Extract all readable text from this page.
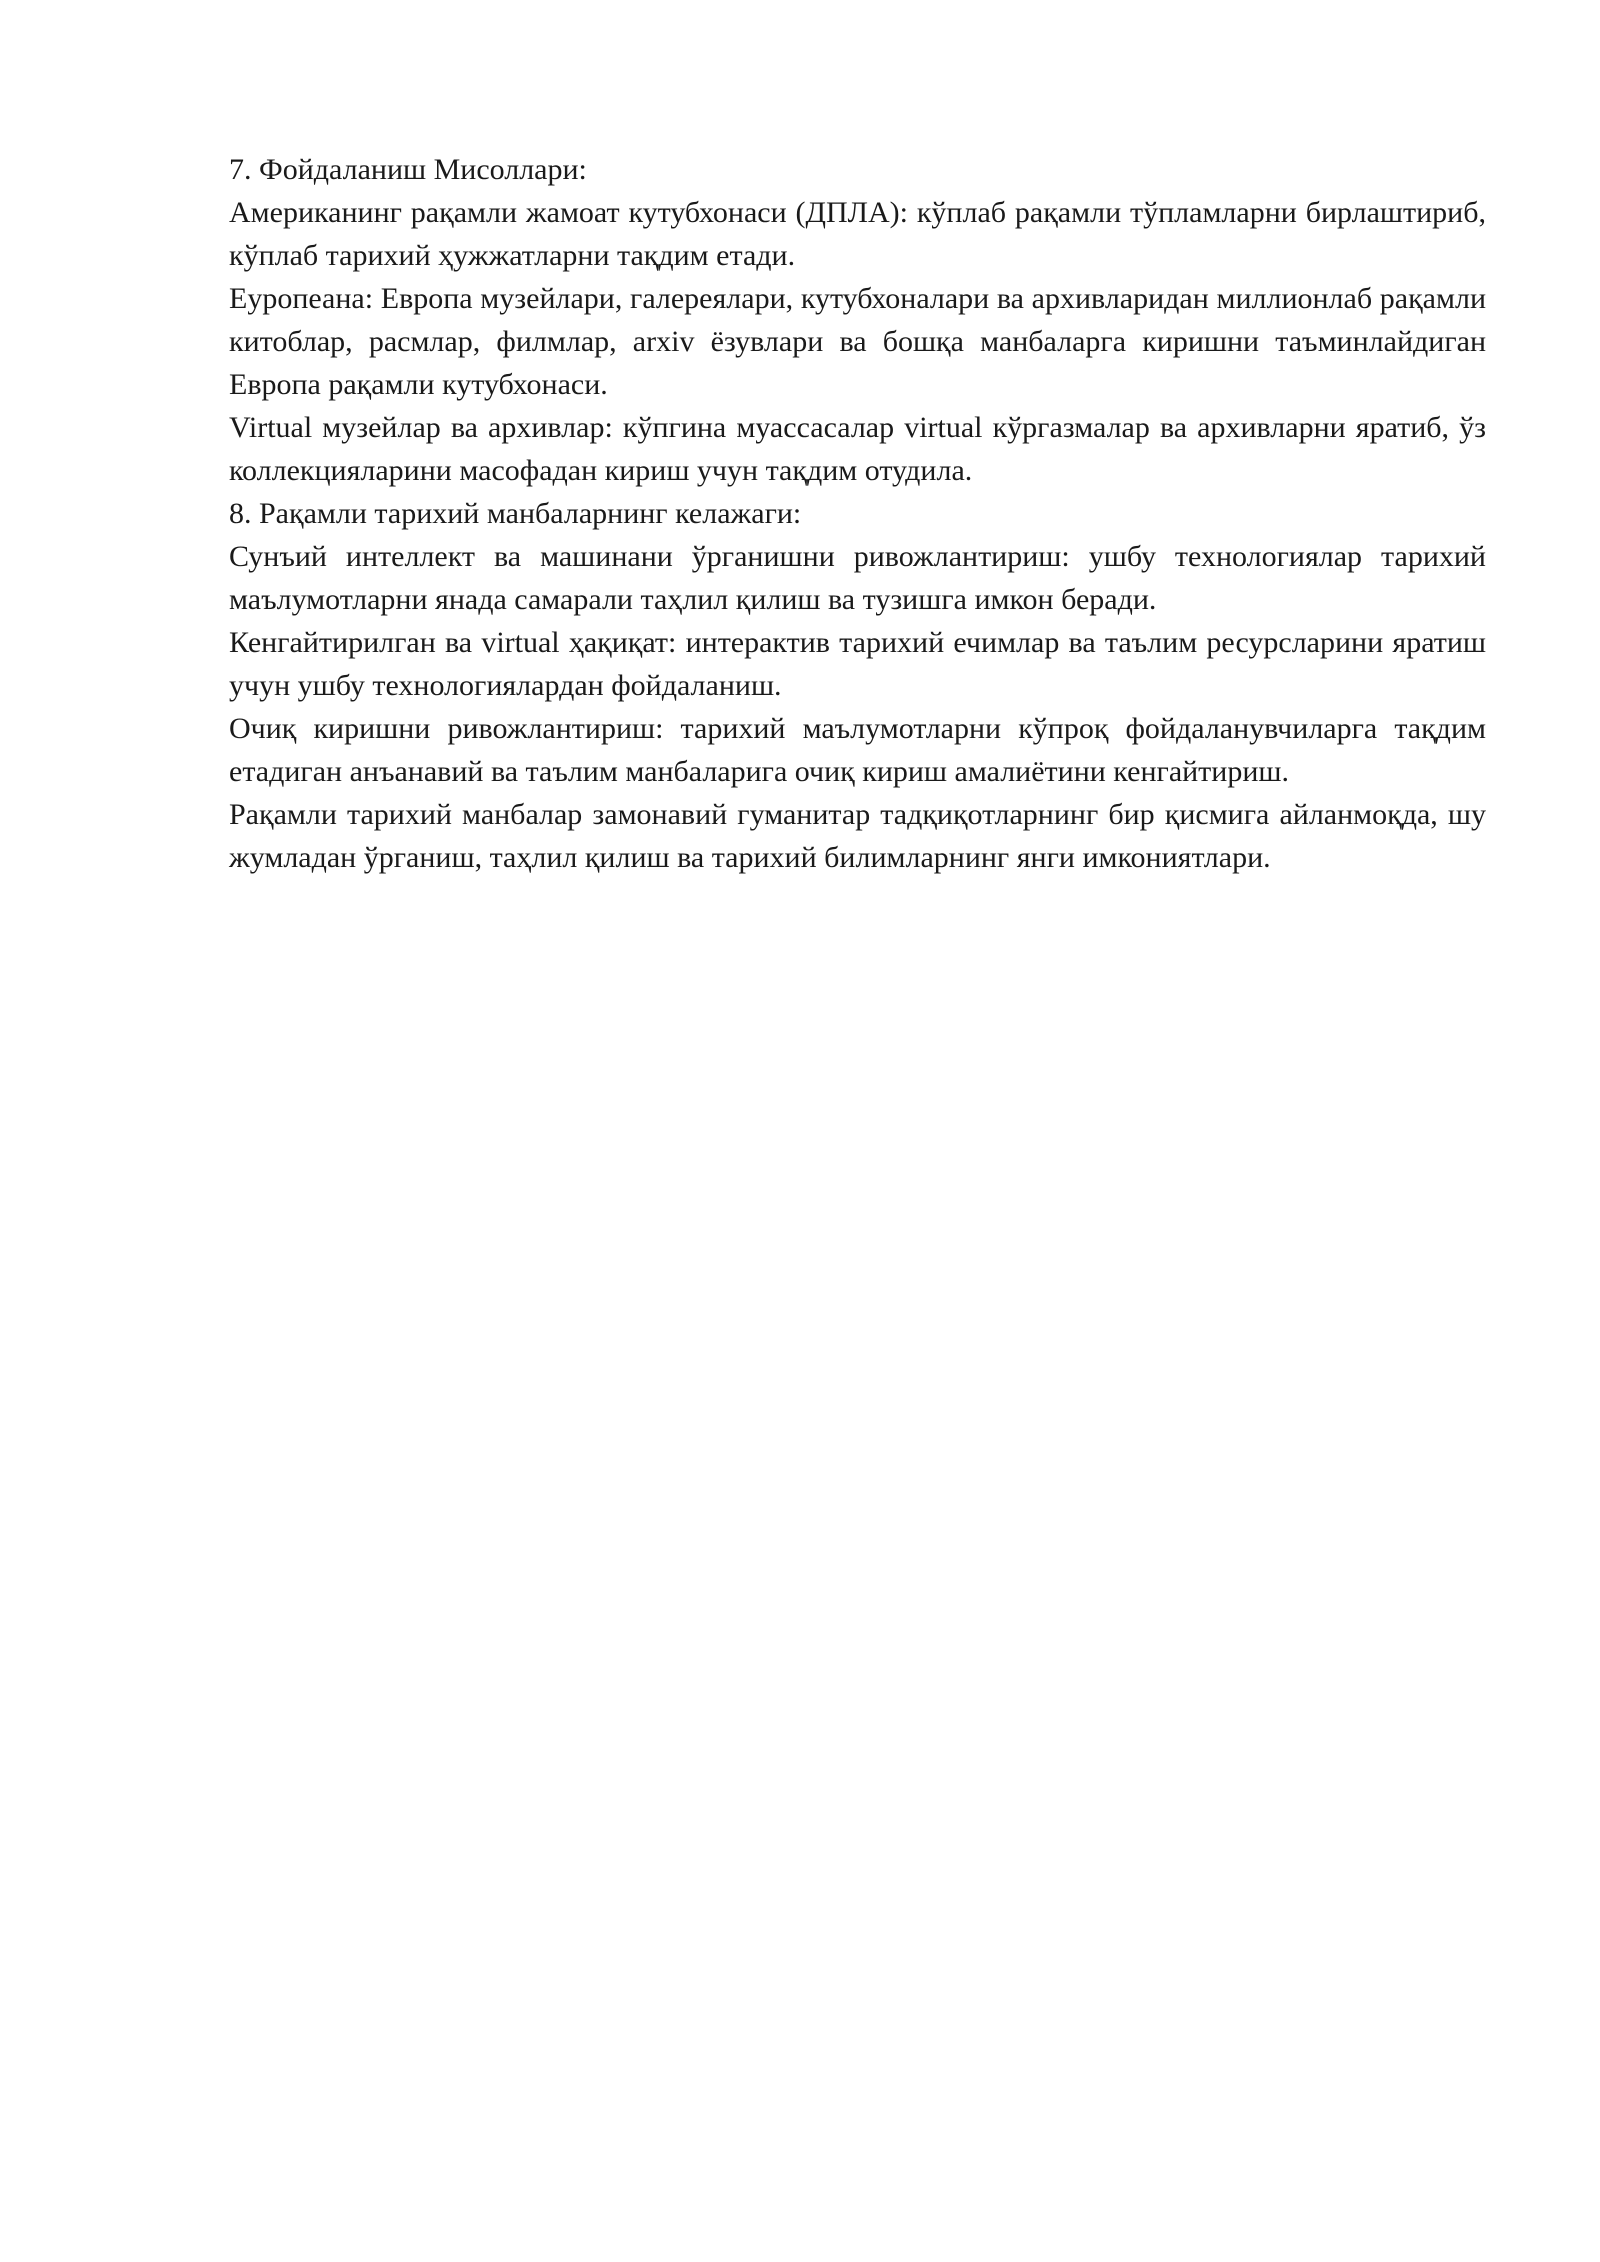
7. Фойдаланиш Мисоллари:

Американинг рақамли жамоат кутубхонаси (ДПЛА): кўплаб рақамли тўпламларни бирлаштириб, кўплаб тарихий ҳужжатларни тақдим етади.

Еуропеана: Европа музейлари, галереялари, кутубхоналари ва архивларидан миллионлаб рақамли китоблар, расмлар, филмлар, arxiv ёзувлари ва бошқа манбаларга киришни таъминлайдиган Европа рақамли кутубхонаси.

Virtual музейлар ва архивлар: кўпгина муассасалар virtual кўргазмалар ва архивларни яратиб, ўз коллекцияларини масофадан кириш учун тақдим отудила.

8. Рақамли тарихий манбаларнинг келажаги:

Сунъий интеллект ва машинани ўрганишни ривожлантириш: ушбу технологиялар тарихий маълумотларни янада самарали таҳлил қилиш ва тузишга имкон беради.

Кенгайтирилган ва virtual ҳақиқат: интерактив тарихий ечимлар ва таълим ресурсларини яратиш учун ушбу технологиялардан фойдаланиш.

Очиқ киришни ривожлантириш: тарихий маълумотларни кўпроқ фойдаланувчиларга тақдим етадиган анъанавий ва таълим манбаларига очиқ кириш амалиётини кенгайтириш.

Рақамли тарихий манбалар замонавий гуманитар тадқиқотларнинг бир қисмига айланмоқда, шу жумладан ўрганиш, таҳлил қилиш ва тарихий билимларнинг янги имкониятлари.
